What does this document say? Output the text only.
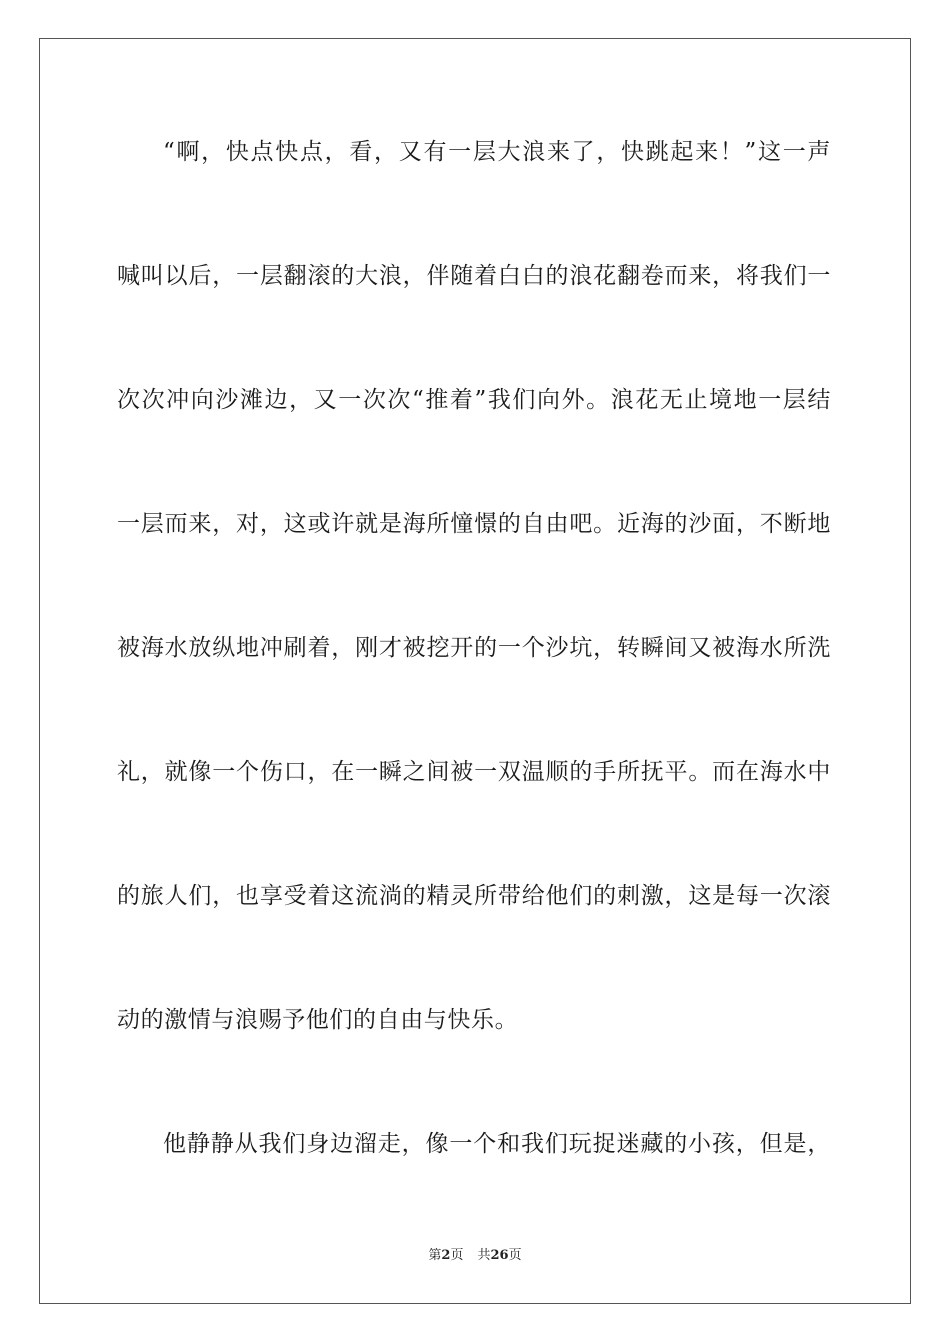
“啊，快点快点，看，又有一层大浪来了，快跳起来！”这一声
喊叫以后，一层翻滚的大浪，伴随着白白的浪花翻卷而来，将我们一
次次冲向沙滩边，又一次次“推着”我们向外。浪花无止境地一层结
一层而来，对，这或许就是海所憧憬的自由吧。近海的沙面，不断地
被海水放纵地冲刷着，刚才被挖开的一个沙坑，转瞬间又被海水所洗
礼，就像一个伤口，在一瞬之间被一双温顺的手所抚平。而在海水中
的旅人们，也享受着这流淌的精灵所带给他们的刺激，这是每一次滚
动的激情与浪赐予他们的自由与快乐。
他静静从我们身边溜走，像一个和我们玩捉迷藏的小孩，但是，
第2页 共26页
